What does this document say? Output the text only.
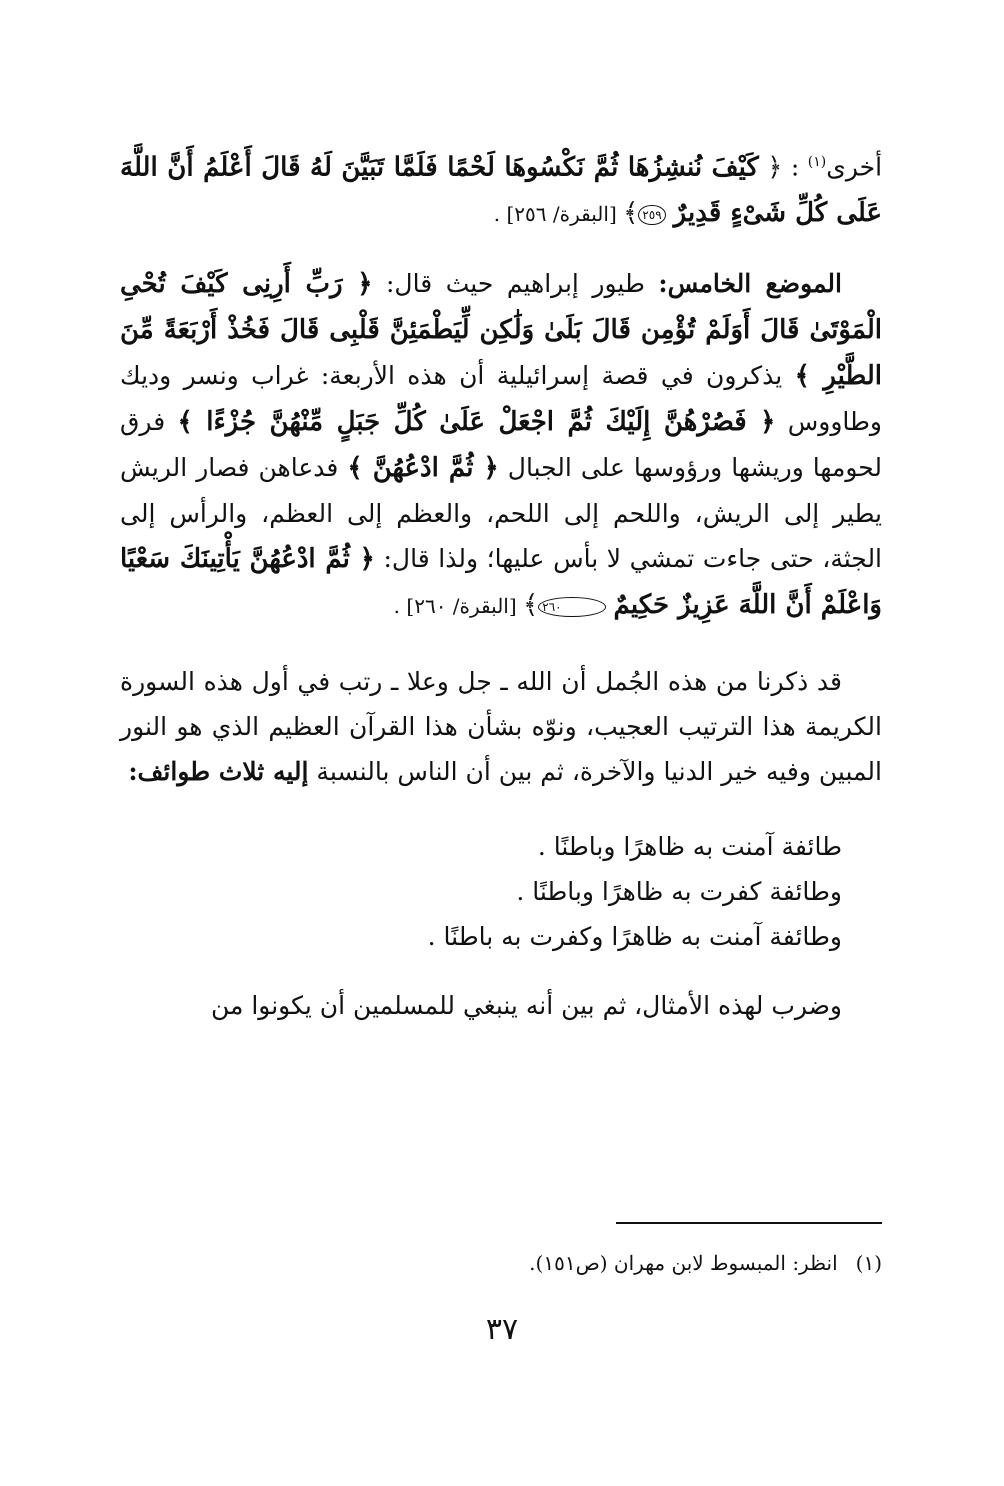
أخرى$^{(١)}$ : ﴿ كَيْفَ نُنشِزُهَا ثُمَّ نَكْسُوهَا لَحْمًا فَلَمَّا تَبَيَّنَ لَهُ قَالَ أَعْلَمُ أَنَّ اللَّهَ عَلَى كُلِّ شَىْءٍ قَدِيرٌ ٢٥٩﴾ [البقرة/ ٢٥٦] .

الموضع الخامس: طيور إبراهيم حيث قال: ﴿ رَبِّ أَرِنِى كَيْفَ تُحْىِ الْمَوْتَىٰ قَالَ أَوَلَمْ تُؤْمِن قَالَ بَلَىٰ وَلَٰكِن لِّيَطْمَئِنَّ قَلْبِى قَالَ فَخُذْ أَرْبَعَةً مِّنَ الطَّيْرِ ﴾ يذكرون في قصة إسرائيلية أن هذه الأربعة: غراب ونسر وديك وطاووس ﴿ فَصُرْهُنَّ إِلَيْكَ ثُمَّ اجْعَلْ عَلَىٰ كُلِّ جَبَلٍ مِّنْهُنَّ جُزْءًا ﴾ فرق لحومها وريشها ورؤوسها على الجبال ﴿ ثُمَّ ادْعُهُنَّ ﴾ فدعاهن فصار الريش يطير إلى الريش، واللحم إلى اللحم، والعظم إلى العظم، والرأس إلى الجثة، حتى جاءت تمشي لا بأس عليها؛ ولذا قال: ﴿ ثُمَّ ادْعُهُنَّ يَأْتِينَكَ سَعْيًا وَاعْلَمْ أَنَّ اللَّهَ عَزِيزٌ حَكِيمٌ ٢٦٠﴾ [البقرة/ ٢٦٠] .

قد ذكرنا من هذه الجُمل أن الله ـ جل وعلا ـ رتب في أول هذه السورة الكريمة هذا الترتيب العجيب، ونوّه بشأن هذا القرآن العظيم الذي هو النور المبين وفيه خير الدنيا والآخرة، ثم بين أن الناس بالنسبة إليه ثلاث طوائف:

طائفة آمنت به ظاهرًا وباطنًا .

وطائفة كفرت به ظاهرًا وباطنًا .

وطائفة آمنت به ظاهرًا وكفرت به باطنًا .

وضرب لهذه الأمثال، ثم بين أنه ينبغي للمسلمين أن يكونوا من

(١)انظر: المبسوط لابن مهران (ص١٥١).
٣٧
